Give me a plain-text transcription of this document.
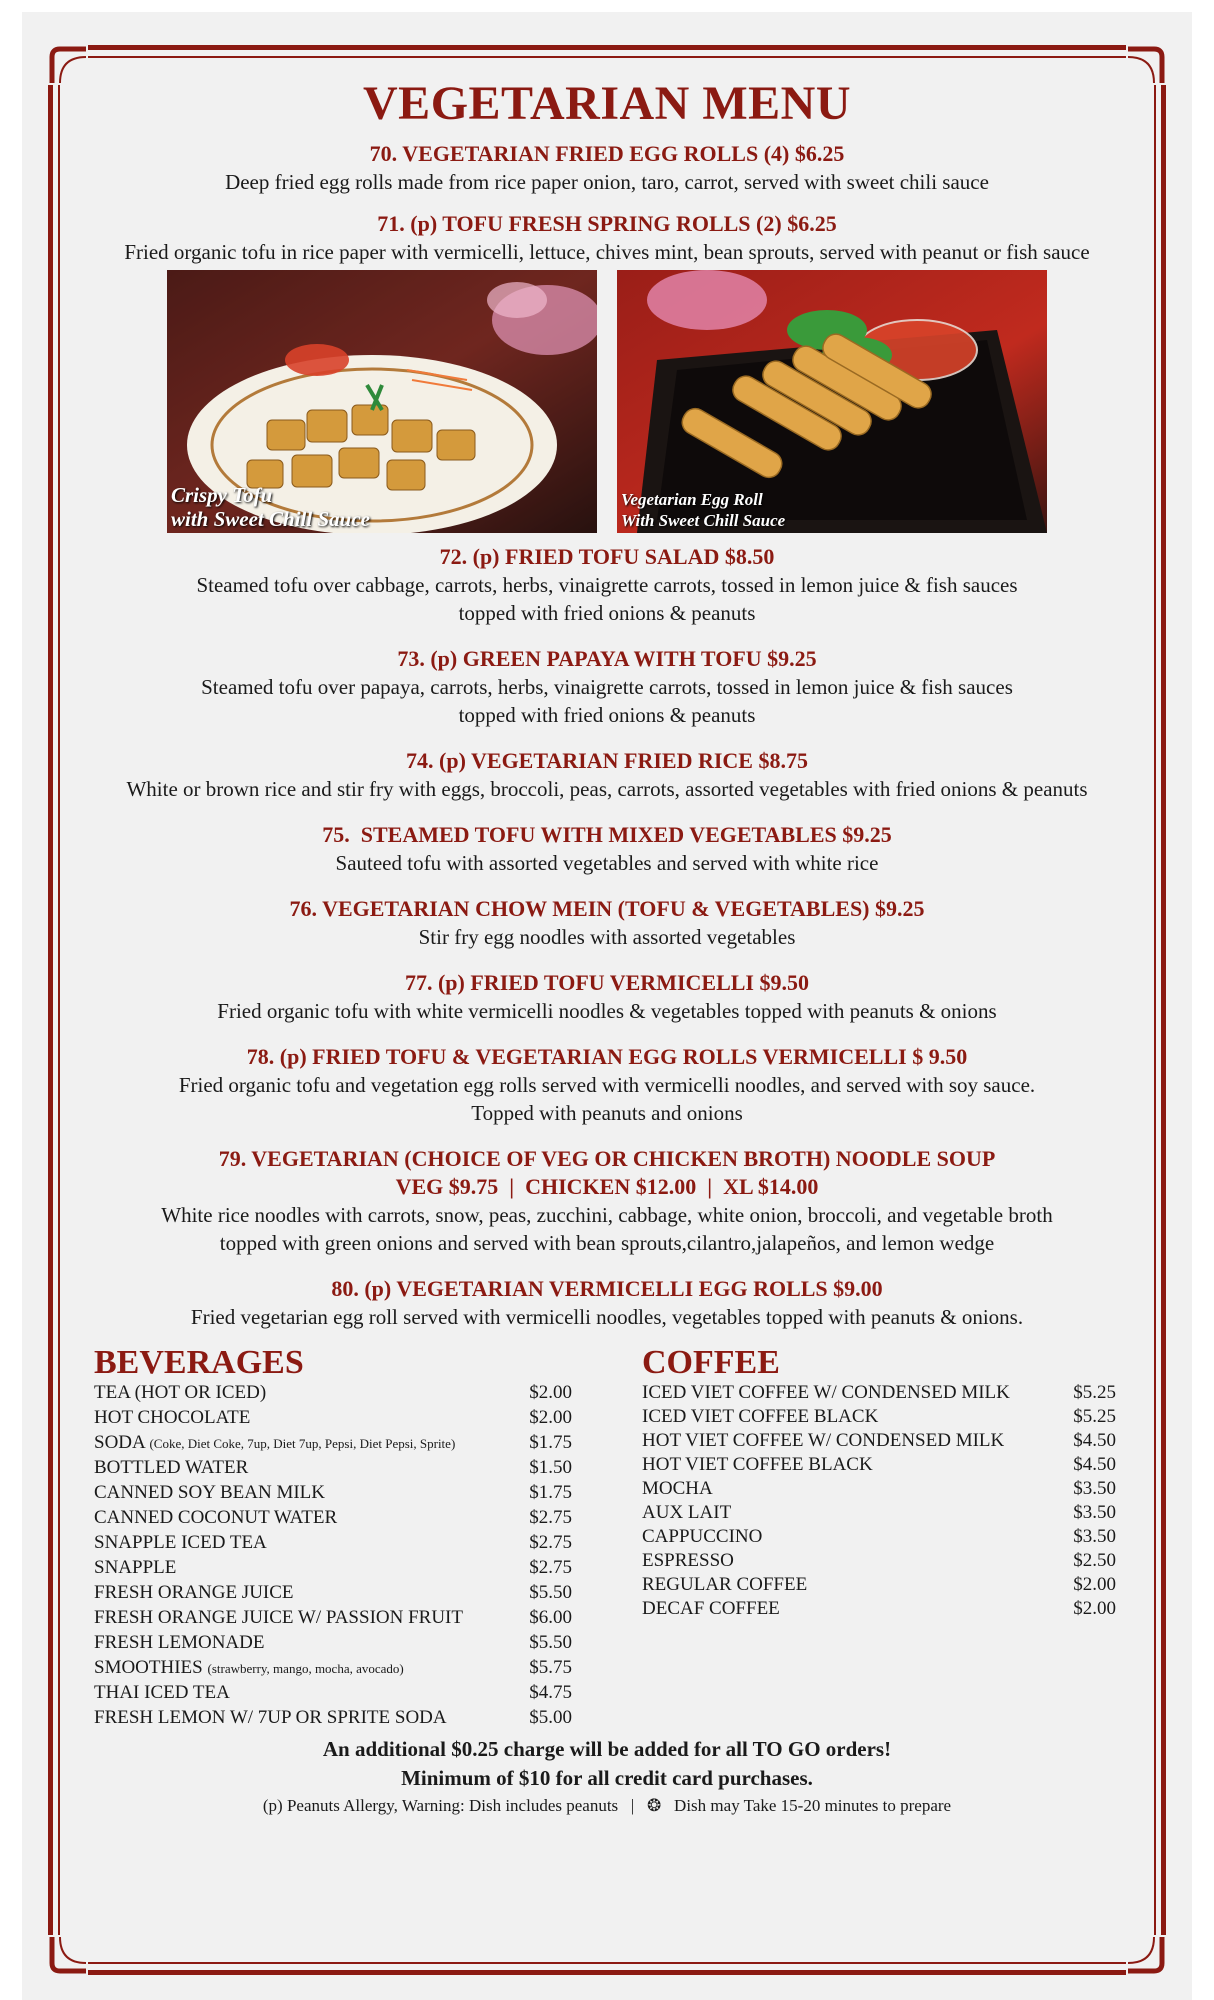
VEGETARIAN MENU
70. VEGETARIAN FRIED EGG ROLLS (4) $6.25
Deep fried egg rolls made from rice paper onion, taro, carrot, served with sweet chili sauce
71. (p) TOFU FRESH SPRING ROLLS (2) $6.25
Fried organic tofu in rice paper with vermicelli, lettuce, chives mint, bean sprouts, served with peanut or fish sauce
Crispy Tofu
with Sweet Chill Sauce
Vegetarian Egg Roll
With Sweet Chill Sauce
72. (p) FRIED TOFU SALAD $8.50
Steamed tofu over cabbage, carrots, herbs, vinaigrette carrots, tossed in lemon juice & fish sauces
topped with fried onions & peanuts
73. (p) GREEN PAPAYA WITH TOFU $9.25
Steamed tofu over papaya, carrots, herbs, vinaigrette carrots, tossed in lemon juice & fish sauces
topped with fried onions & peanuts
74. (p) VEGETARIAN FRIED RICE $8.75
White or brown rice and stir fry with eggs, broccoli, peas, carrots, assorted vegetables with fried onions & peanuts
75.  STEAMED TOFU WITH MIXED VEGETABLES $9.25
Sauteed tofu with assorted vegetables and served with white rice
76. VEGETARIAN CHOW MEIN (TOFU & VEGETABLES) $9.25
Stir fry egg noodles with assorted vegetables
77. (p) FRIED TOFU VERMICELLI $9.50
Fried organic tofu with white vermicelli noodles & vegetables topped with peanuts & onions
78. (p) FRIED TOFU & VEGETARIAN EGG ROLLS VERMICELLI $ 9.50
Fried organic tofu and vegetation egg rolls served with vermicelli noodles, and served with soy sauce.
Topped with peanuts and onions
79. VEGETARIAN (CHOICE OF VEG OR CHICKEN BROTH) NOODLE SOUP
VEG $9.75  |  CHICKEN $12.00  |  XL $14.00
White rice noodles with carrots, snow, peas, zucchini, cabbage, white onion, broccoli, and vegetable broth
topped with green onions and served with bean sprouts,cilantro,jalapeños, and lemon wedge
80. (p) VEGETARIAN VERMICELLI EGG ROLLS $9.00
Fried vegetarian egg roll served with vermicelli noodles, vegetables topped with peanuts & onions.
BEVERAGES
TEA (HOT OR ICED)	$2.00
HOT CHOCOLATE	$2.00
SODA (Coke, Diet Coke, 7up, Diet 7up, Pepsi, Diet Pepsi, Sprite)	$1.75
BOTTLED WATER	$1.50
CANNED SOY BEAN MILK	$1.75
CANNED COCONUT WATER	$2.75
SNAPPLE ICED TEA	$2.75
SNAPPLE	$2.75
FRESH ORANGE JUICE	$5.50
FRESH ORANGE JUICE W/ PASSION FRUIT	$6.00
FRESH LEMONADE	$5.50
SMOOTHIES (strawberry, mango, mocha, avocado)	$5.75
THAI ICED TEA	$4.75
FRESH LEMON W/ 7UP OR SPRITE SODA	$5.00
COFFEE
ICED VIET COFFEE W/ CONDENSED MILK	$5.25
ICED VIET COFFEE BLACK	$5.25
HOT VIET COFFEE W/ CONDENSED MILK	$4.50
HOT VIET COFFEE BLACK	$4.50
MOCHA	$3.50
AUX LAIT	$3.50
CAPPUCCINO	$3.50
ESPRESSO	$2.50
REGULAR COFFEE	$2.00
DECAF COFFEE	$2.00
An additional $0.25 charge will be added for all TO GO orders!
Minimum of $10 for all credit card purchases.
(p) Peanuts Allergy, Warning: Dish includes peanuts   |   ❂   Dish may Take 15-20 minutes to prepare
